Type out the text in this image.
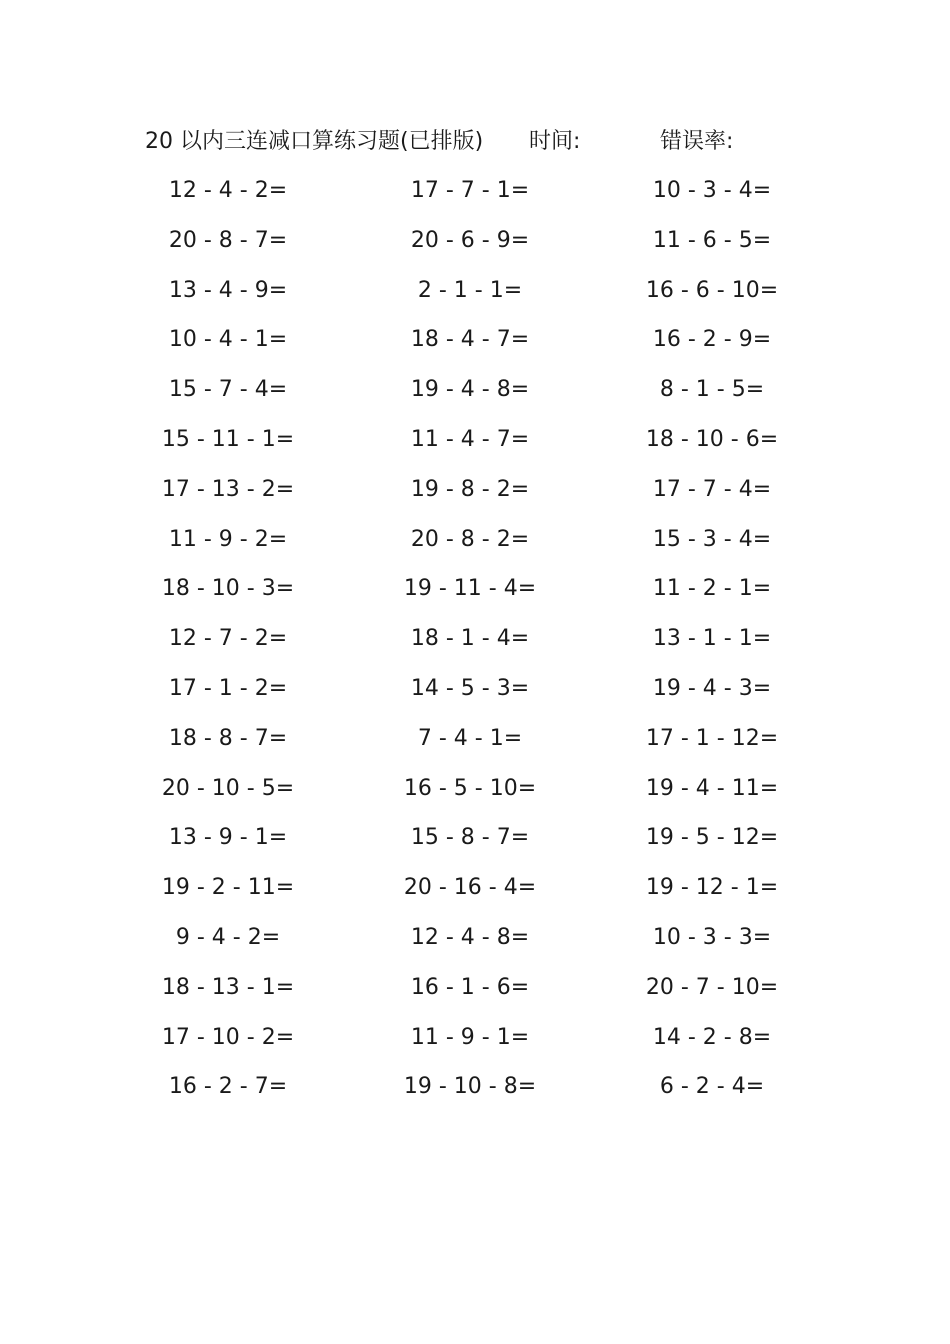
20 以内三连减口算练习题(已排版) 时间:	错误率:
12 - 4 - 2=	17 - 7 - 1=	10 - 3 - 4=
20 - 8 - 7=	20 - 6 - 9=	11 - 6 - 5=
13 - 4 - 9=	2 - 1 - 1=	16 - 6 - 10=
10 - 4 - 1=	18 - 4 - 7=	16 - 2 - 9=
15 - 7 - 4=	19 - 4 - 8=	8 - 1 - 5=
15 - 11 - 1=	11 - 4 - 7=	18 - 10 - 6=
17 - 13 - 2=	19 - 8 - 2=	17 - 7 - 4=
11 - 9 - 2=	20 - 8 - 2=	15 - 3 - 4=
18 - 10 - 3=	19 - 11 - 4=	11 - 2 - 1=
12 - 7 - 2=	18 - 1 - 4=	13 - 1 - 1=
17 - 1 - 2=	14 - 5 - 3=	19 - 4 - 3=
18 - 8 - 7=	7 - 4 - 1=	17 - 1 - 12=
20 - 10 - 5=	16 - 5 - 10=	19 - 4 - 11=
13 - 9 - 1=	15 - 8 - 7=	19 - 5 - 12=
19 - 2 - 11=	20 - 16 - 4=	19 - 12 - 1=
9 - 4 - 2=	12 - 4 - 8=	10 - 3 - 3=
18 - 13 - 1=	16 - 1 - 6=	20 - 7 - 10=
17 - 10 - 2=	11 - 9 - 1=	14 - 2 - 8=
16 - 2 - 7=	19 - 10 - 8=	6 - 2 - 4=
